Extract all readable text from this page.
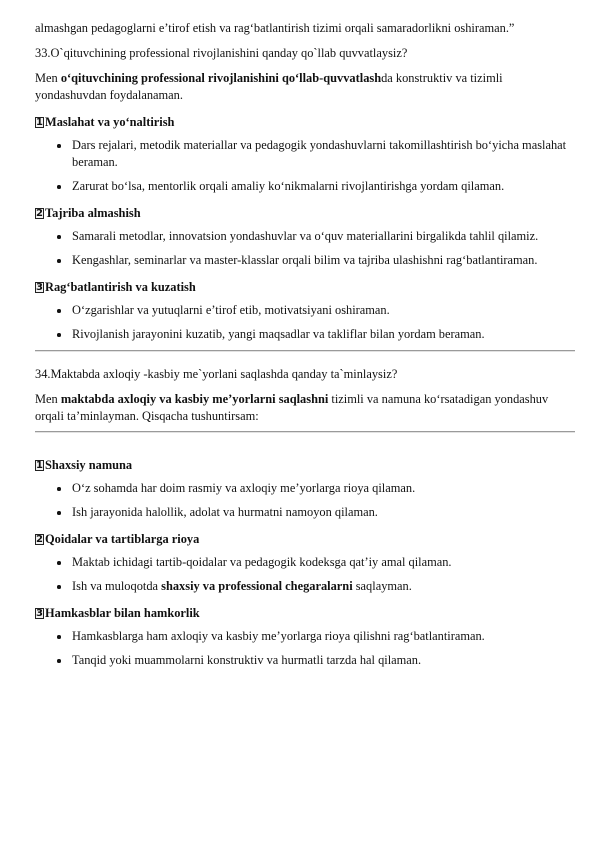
almashgan pedagoglarni e’tirof etish va rag‘batlantirish tizimi orqali samaradorlikni oshiraman.”

33.O`qituvchining professional rivojlanishini qanday qo`llab quvvatlaysiz?

Men o‘qituvchining professional rivojlanishini qo‘llab-quvvatlashda konstruktiv va tizimli yondashuvdan foydalanaman.

1 Maslahat va yo‘naltirish
Dars rejalari, metodik materiallar va pedagogik yondashuvlarni takomillashtirish bo‘yicha maslahat beraman.
Zarurat bo‘lsa, mentorlik orqali amaliy ko‘nikmalarni rivojlantirishga yordam qilaman.
2 Tajriba almashish
Samarali metodlar, innovatsion yondashuvlar va o‘quv materiallarini birgalikda tahlil qilamiz.
Kengashlar, seminarlar va master-klasslar orqali bilim va tajriba ulashishni rag‘batlantiraman.
3 Rag‘batlantirish va kuzatish
O‘zgarishlar va yutuqlarni e’tirof etib, motivatsiyani oshiraman.
Rivojlanish jarayonini kuzatib, yangi maqsadlar va takliflar bilan yordam beraman.

34.Maktabda axloqiy -kasbiy me`yorlani saqlashda qanday ta`minlaysiz?

Men maktabda axloqiy va kasbiy me’yorlarni saqlashni tizimli va namuna ko‘rsatadigan yondashuv orqali ta’minlayman. Qisqacha tushuntirsam:

1 Shaxsiy namuna
O‘z sohamda har doim rasmiy va axloqiy me’yorlarga rioya qilaman.
Ish jarayonida halollik, adolat va hurmatni namoyon qilaman.
2 Qoidalar va tartiblarga rioya
Maktab ichidagi tartib-qoidalar va pedagogik kodeksga qat’iy amal qilaman.
Ish va muloqotda shaxsiy va professional chegaralarni saqlayman.
3 Hamkasblar bilan hamkorlik
Hamkasblarga ham axloqiy va kasbiy me’yorlarga rioya qilishni rag‘batlantiraman.
Tanqid yoki muammolarni konstruktiv va hurmatli tarzda hal qilaman.
